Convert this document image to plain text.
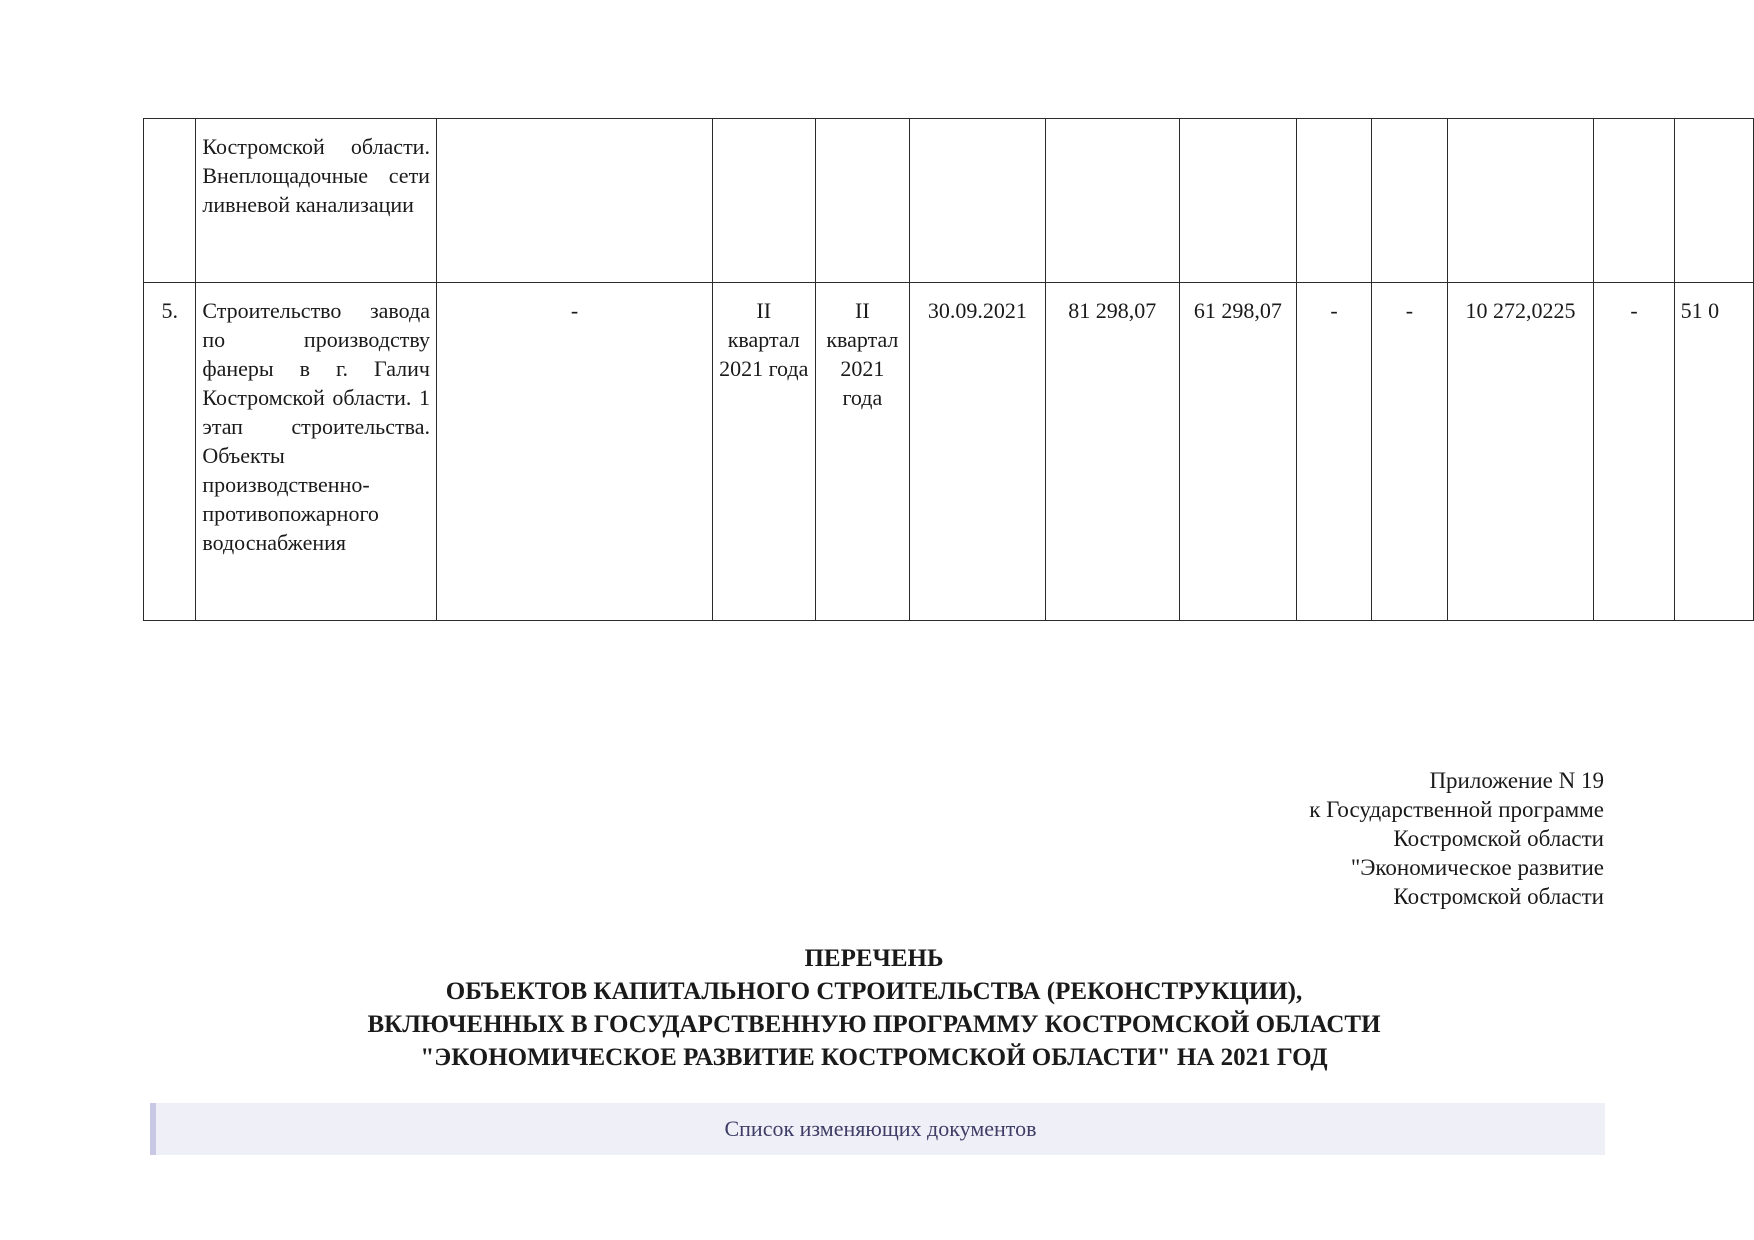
	Костромской области. Внеплощадочные сети ливневой канализации											
5.	Строительство завода по производству фанеры в г. Галич Костромской области. 1 этап строительства. Объекты производственно-противопожарного водоснабжения	-	II квартал 2021 года	II квартал 2021 года	30.09.2021	81 298,07	61 298,07	-	-	10 272,0225	-	51 0
Приложение N 19
к Государственной программе
Костромской области
"Экономическое развитие
Костромской области
ПЕРЕЧЕНЬ
ОБЪЕКТОВ КАПИТАЛЬНОГО СТРОИТЕЛЬСТВА (РЕКОНСТРУКЦИИ),
ВКЛЮЧЕННЫХ В ГОСУДАРСТВЕННУЮ ПРОГРАММУ КОСТРОМСКОЙ ОБЛАСТИ
"ЭКОНОМИЧЕСКОЕ РАЗВИТИЕ КОСТРОМСКОЙ ОБЛАСТИ" НА 2021 ГОД
Список изменяющих документов
